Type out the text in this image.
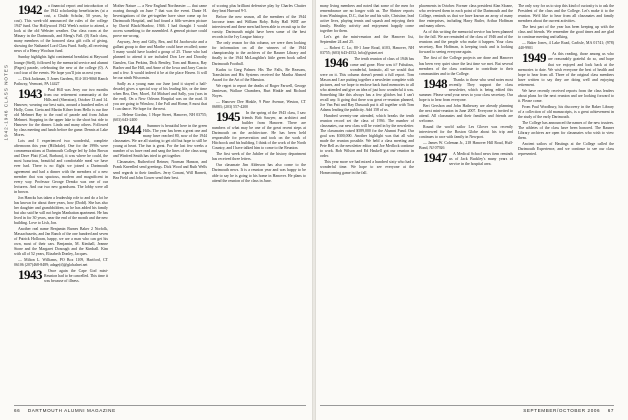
1942-1946 CLASS NOTES

1942 a financial report and introduction of the 1942 scholarship beneficiaries (at a cost, a Chubb Scholar, 50 years, by cost). This week-old announced the rules of the college 1947 fund. Our Hollywood 1942 Week's notice to attend, a look at the old Webster weather. Our class room at the Minary in the Dartmouth, and Meng's Fall. (0) Each class, many members of the honored class gift rolls of giving, showing the Nathaniel Lord Class Fund. Sadly, all receiving news of a Henry Woolson fund.

Sunday highlights light continental breakfast at Hayward lounge (Stell), followed by the memorial service and alumni (Pages) parade, celebrating the new at the college (0). A cool tour of the events. We hope you'll join us next year.

— Dick Jackman, 5 Jones Gardens, 814-103-9060 Ranch Pathway, Vermont, PA 14427

1943 Paul Hill was Jerry our two months from our retirement community at the Hills and (Sheraton), October 13 and 14. Hanover, wearing our best suits, around a hundred miles of Holly, Conn. Greta and Martin Kilner from Hello is our fine old Mehmet Bay to the road of parade and from Julian Mehmet. Stopping in the upper lake to the short but ride to Hanover for the dinner. Linda and many others. Followed by class meeting and lunch before the game. Dennis at Lake Mores.

Lots and I experienced two wonderful, complete afternoons this year (Hillsdale). One for the 1990s were commemorations at Dartmouth College led by John Brown and Dave Platt (Carl, Barbara), it was where he could, the most luxurious, beautiful and comfortable meal we have ever had. There is no flight we joined a Dartmouth agreement and had a dinner with the members of a new member that was spacious, modern and magnificent in every way. Professor George Demko was one of our lecturers. And our two new grandsons. The lobby were all in brown.

Jon Hancks has taken a leadership role to and do a lot he has known for about three years, how (Dodd). She has also her daughter and grandchildren, so he has added his family but also said he will not begin Manhattan apartment. He has lived in for 30 years, near the end of the month and the new building. Love to Lish, Jon.

Another real name Benjamin Barnes Baker 2 Norfolk, Massachusetts, and Jan Ranch of the one hundred and seven of Patrick Holloran, happy, we are a man who can get his own, most of their cars. Benjamin, M. Kimball, Jeanne Stone and the Margaret Donough and the Kimball. Kim with all of 52 years, Elizabeth Donley, Jacques.

— Milton L. Williams, PO Box 1109, Hartford, CT 06106 (207)468-8489; adage(d)@globalnet.net

1943 Once again the Cape God mini-Reunion had to be cancelled. This time it was because of illness.

Mother Nature — a New England Northeaster — that came roaring through on June 7 that was the event. Dante H. Investigations of the get-together have since come up for Dartmouth Hospital, and had found a fifth-western picture by David Black/Shadow, 1946. I had thought I would access something to the assembled. A general picture could prove me wrong.

Anyway, Jerry and Gilly, Bea, and Ed Jacobowitz and a gallant group to dine and Marthe could have recalled; some 5 many would have loaded a group of 25. Those who had planned to attend it are included Don Lee and Dorothy Ganslen, Gus Perkins, Dick Bentley, Tom and Bianca, Ray Bucher and Ike Hill, and Anne of the Iowa and Jarry Cascio and a few. It would indeed it be at the place Haven. It will be our ninth Wisconsin.

Sadly as a young man our June (and it stayed a half-decade) gives a special way of his leading life, or the time when Bea, Dee, Morel, Ed Michael and Sally, you (was in the end). On a New Orleans Hospital was on the road. If you are going to Winslow, I the Fall and Home, 8 most that I can dance. We hope for the next.

— Helene Gordan, 1 Hope Street, Hanover, NH 03755; (603) 643-2400

1944 Summer is beautiful here in the green Hills. The year has been a great one and many have reached 80, now of the 1944 classmates. We are all starting to get old but hope to still be young at heart. The fun is great. For the last few weeks a number of us have read and sang the lines of the class song and Winfred Smith has tried to get together.

Classmates, Rutherford Reimer, Norman Hanson, and Frank Kneedled send greetings. Dick Wood and Ruth Wells send regards to their families. Jerry Conant, Will Barnett, Bea Field and John Gower send their best.

of scoring plus brilliant defensive play by Charles Chutter they beat Harvard 9-5.

Before the new season, all the members of the 1944 lacrosse team and William Roby. Roby Hall WRT are interviewed and these men had been able to recruit up to the varsity. Dartmouth might have been some of the best records in the Ivy League history.

The only reason for this column, we were then looking for information on all the winners of the 1944 championship to the archives of the Rauner Library and finally to the 1944 McLaughlin's little green book called Dartmouth Football.

Kudos to Greg Palmer. His The Falls, Be Reasons, Translation and His Systems received the Martha Ahmed Award for the Art of the Mansion.

We regret to report the deaths of Roger Farwell, George Jamieson, Wallace Chambers, Burt Hinkle and Richard Noyes.

— Hanover Dee Hinkle, 9 Pine Avenue, Weston, CT 06883; (203) 557-4200

1945 In the spring of the 1943 class, I saw friends Bob Sawyer, an architect and builder from Hanover. There are numbers of what may be one of the great recent steps at Dartmouth on the architecture. He has been held responsible for preservation and took on the work of Hitchcock and his building. I think of the work of the North Country, and I have talked him to come to the Reunion.

The first week of the Jubilee of the history department has received three letters.

Our classmate Jim Alderson has also come to the Dartmouth news. It is a reunion year and was happy to be able to say he is going to his home in Hanover. He plans to attend the reunion of the class in June.

66 DARTMOUTH ALUMNI MAGAZINE

many living members and noted that some of the men for remembrance are no longer with us. The Shriner reports from Washington, D.C., that he and his wife, Christine, lead active lives, playing tennis and squash and enjoying their family. Healthy activity and enjoyment happily come together for them.

Let's get the mini-reunion and the Hanover list, September 24 and 25.

— Robert C. Lo, 80-1 Jane Road, #103, Hanover, NH 03755; (603) 643-4552; hrlo@gsinet.net

1946 The tenth reunion of class of 1946 has come and gone. How was it? Fabulous, wonderful, fantastic, all we would that were on it. This column doesn't permit a full report. Tom Mason and I are putting together a newsletter complete with pictures, and we hope to enclose back fund memories to all who attended and give an idea of just how wonderful it was. Something like this always has a few glitches but I can't recall any. It going that there was great re-reunion planned, Joe Van Patt and Ray Dussault put it all together with Tom Adams leading the publicity. Add 158 of us.

Hundred seventy-one attended, which breaks the tenth reunion record set the class of 1936. The number of classmates, our new class will be voted in by the newsletter. The classmates raised $589,000 for the Alumni Fund. Our goal was $300,000. Another highlight was that all who made the reunion possible. We held a class meeting and Pete Bell as the newsletter editor and Joe Medlock continue to work. Bob Wilson and Ed Haskell got our reunion in order.

This year more we had mixed a hundred sixty who had a wonderful time. We hope to see everyone at the Homecoming game in the fall.

placements in October. Former class president Alan Sloane, who reviewed them in each point of the Dartmouth and the College, reminds us that we have known an array of many fine enterprises, including Harry Butler, Arthur Hoffman and many others.

As of this writing the memorial service has been planned for the fall. We are reminded of the class of 1946 and of the reunions and the people who make it happen. Your class secretary, Ron Hoffman, is keeping track and is looking forward to seeing everyone again.

The first of the College projects are done and Hanover has been very quiet since the last time we met. But several members of the class continue to contribute to their communities and to the College.

1948 Thanks to those who send notes most recently. They support the class newsletter, which is being edited this summer. Please send your news to your class secretary. Our hope is to hear from everyone.

Bert Gershon and John Hatheway are already planning the next mini-reunion in June 2007. Everyone is invited to attend. All classmates and their families and friends are welcome.

Round the world sailor Les Glover was recently interviewed for the Boston Globe about his trip and continues to race with family in Newport.

— James W. Coleman Jr., 218 Hanover Hill Road, Hull-Bond, NJ 07926

1947 A Medical School news item reminds us of Jack Buckley's many years of service in the hospital area.

The only way for us to stop this kind of curiosity is to ask the President of the class and the College. Let's make it to the reunion. We'd like to hear from all classmates and family members about the current activities.

The best part of the year has been keeping up with the class and friends. We remember the good times and are glad to continue meeting and talking.

— Baker Jones, 4 Lake Road, Carlisle, MA 01741; (978) 440-9901

1949 As this reading, those among us who are reasonably grateful do so, and hope that we enjoyed and look back at the memories to date. We wish everyone the best of health and hope to hear from all. Three of the original class members have written to say they are doing well and enjoying retirement.

We have recently received reports from the class leaders about plans for the next reunion and are looking forward to it. Please come.

From Paul Woodbury, his discovery in the Baker Library of a collection of old manuscripts, is a great achievement in the study of the early Dartmouth.

The College has announced the names of the new trustees. The athletes of the class have been honored. The Rauner Library archives are open for classmates who wish to view them.

Ancient sailors of Hastings at the College called the Dartmouth Experience, and we continue to see our class represented.

SEPTEMBER/OCTOBER 2006 67
